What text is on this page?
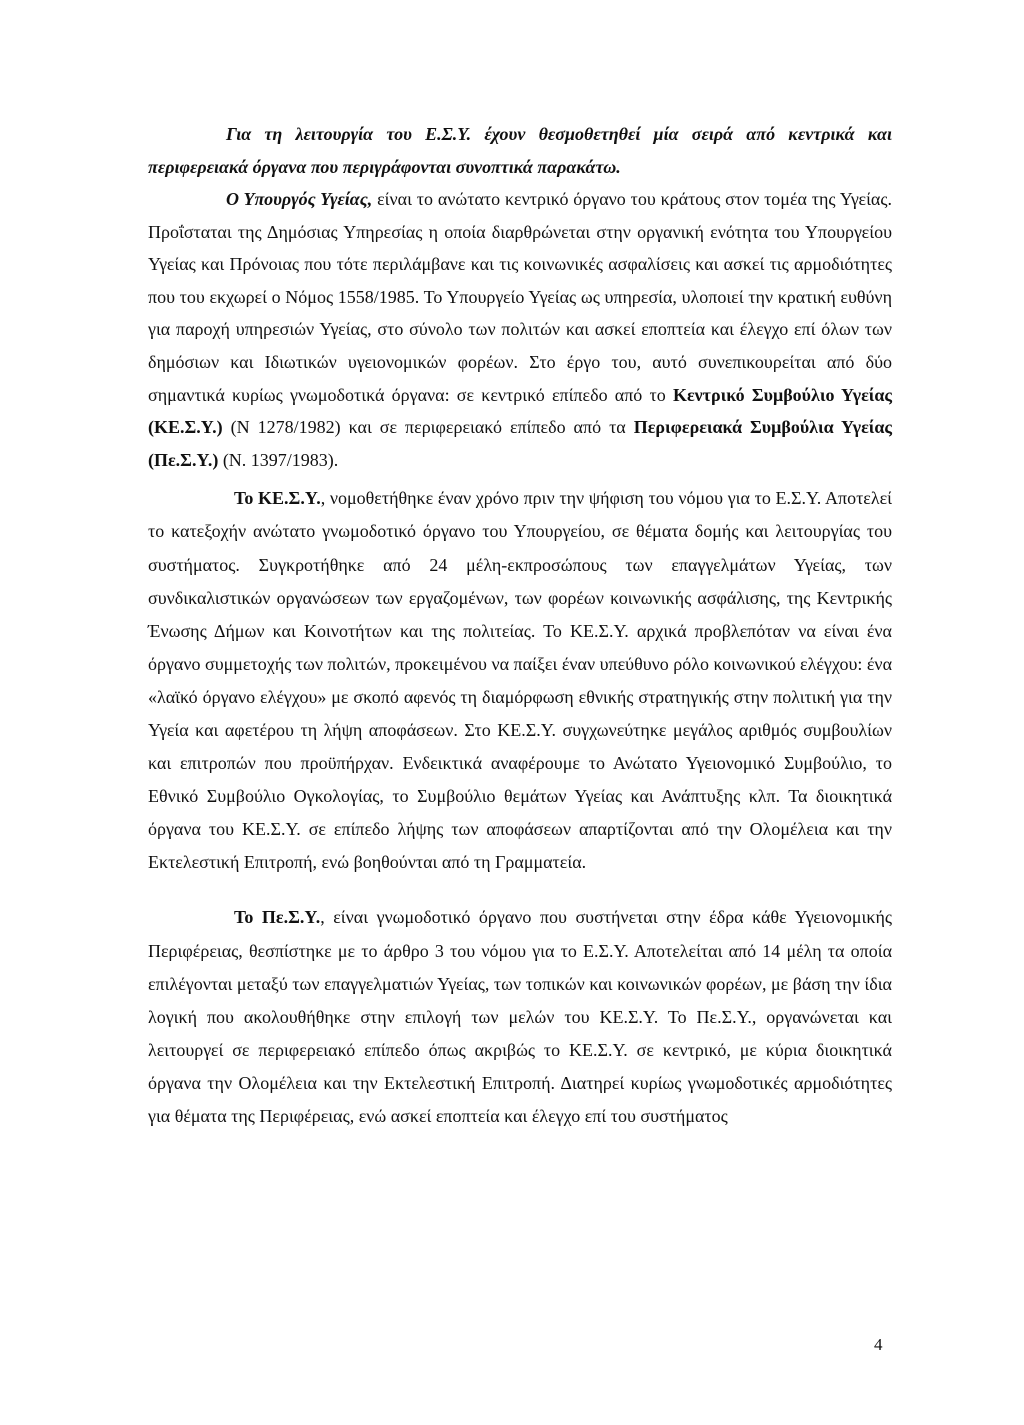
Για τη λειτουργία του Ε.Σ.Υ. έχουν θεσμοθετηθεί μία σειρά από κεντρικά και περιφερειακά όργανα που περιγράφονται συνοπτικά παρακάτω.

Ο Υπουργός Υγείας, είναι το ανώτατο κεντρικό όργανο του κράτους στον τομέα της Υγείας. Προΐσταται της Δημόσιας Υπηρεσίας η οποία διαρθρώνεται στην οργανική ενότητα του Υπουργείου Υγείας και Πρόνοιας που τότε περιλάμβανε και τις κοινωνικές ασφαλίσεις και ασκεί τις αρμοδιότητες που του εκχωρεί ο Νόμος 1558/1985. Το Υπουργείο Υγείας ως υπηρεσία, υλοποιεί την κρατική ευθύνη για παροχή υπηρεσιών Υγείας, στο σύνολο των πολιτών και ασκεί εποπτεία και έλεγχο επί όλων των δημόσιων και Ιδιωτικών υγειονομικών φορέων. Στο έργο του, αυτό συνεπικουρείται από δύο σημαντικά κυρίως γνωμοδοτικά όργανα: σε κεντρικό επίπεδο από το Κεντρικό Συμβούλιο Υγείας (ΚΕ.Σ.Υ.) (Ν 1278/1982) και σε περιφερειακό επίπεδο από τα Περιφερειακά Συμβούλια Υγείας (Πε.Σ.Υ.) (Ν. 1397/1983).

Το ΚΕ.Σ.Υ., νομοθετήθηκε έναν χρόνο πριν την ψήφιση του νόμου για το Ε.Σ.Υ. Αποτελεί το κατεξοχήν ανώτατο γνωμοδοτικό όργανο του Υπουργείου, σε θέματα δομής και λειτουργίας του συστήματος. Συγκροτήθηκε από 24 μέλη-εκπροσώπους των επαγγελμάτων Υγείας, των συνδικαλιστικών οργανώσεων των εργαζομένων, των φορέων κοινωνικής ασφάλισης, της Κεντρικής Ένωσης Δήμων και Κοινοτήτων και της πολιτείας. Το ΚΕ.Σ.Υ. αρχικά προβλεπόταν να είναι ένα όργανο συμμετοχής των πολιτών, προκειμένου να παίξει έναν υπεύθυνο ρόλο κοινωνικού ελέγχου: ένα «λαϊκό όργανο ελέγχου» με σκοπό αφενός τη διαμόρφωση εθνικής στρατηγικής στην πολιτική για την Υγεία και αφετέρου τη λήψη αποφάσεων. Στο ΚΕ.Σ.Υ. συγχωνεύτηκε μεγάλος αριθμός συμβουλίων και επιτροπών που προϋπήρχαν. Ενδεικτικά αναφέρουμε το Ανώτατο Υγειονομικό Συμβούλιο, το Εθνικό Συμβούλιο Ογκολογίας, το Συμβούλιο θεμάτων Υγείας και Ανάπτυξης κλπ. Τα διοικητικά όργανα του ΚΕ.Σ.Υ. σε επίπεδο λήψης των αποφάσεων απαρτίζονται από την Ολομέλεια και την Εκτελεστική Επιτροπή, ενώ βοηθούνται από τη Γραμματεία.

Το Πε.Σ.Υ., είναι γνωμοδοτικό όργανο που συστήνεται στην έδρα κάθε Υγειονομικής Περιφέρειας, θεσπίστηκε με το άρθρο 3 του νόμου για το Ε.Σ.Υ. Αποτελείται από 14 μέλη τα οποία επιλέγονται μεταξύ των επαγγελματιών Υγείας, των τοπικών και κοινωνικών φορέων, με βάση την ίδια λογική που ακολουθήθηκε στην επιλογή των μελών του ΚΕ.Σ.Υ. Το Πε.Σ.Υ., οργανώνεται και λειτουργεί σε περιφερειακό επίπεδο όπως ακριβώς το ΚΕ.Σ.Υ. σε κεντρικό, με κύρια διοικητικά όργανα την Ολομέλεια και την Εκτελεστική Επιτροπή. Διατηρεί κυρίως γνωμοδοτικές αρμοδιότητες για θέματα της Περιφέρειας, ενώ ασκεί εποπτεία και έλεγχο επί του συστήματος

4
